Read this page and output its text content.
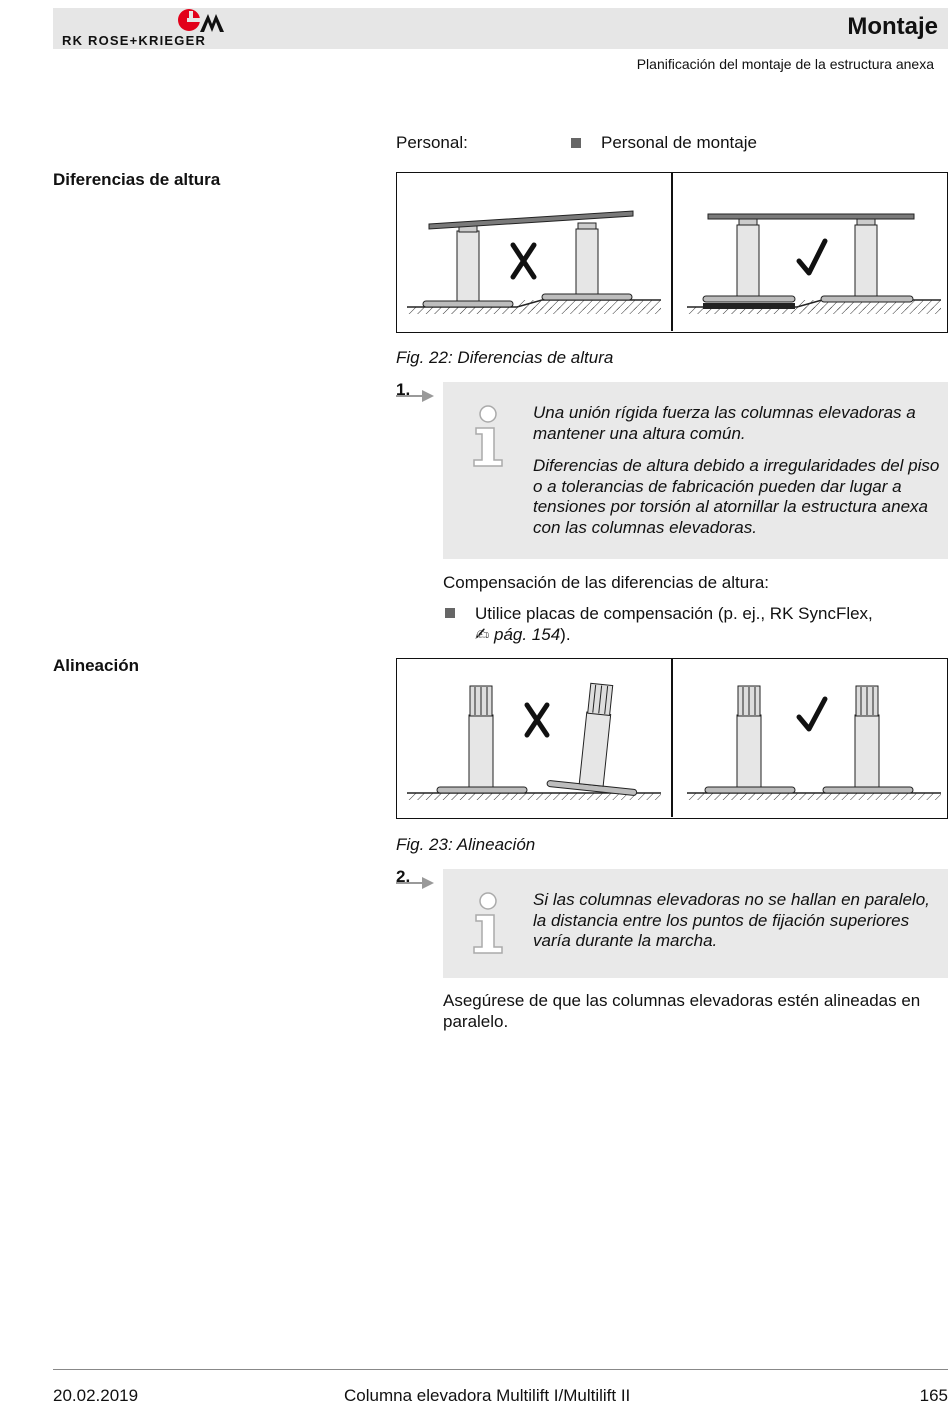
RK ROSE+KRIEGER
Montaje
Planificación del montaje de la estructura anexa
Personal:	Personal de montaje
Diferencias de altura
Fig. 22: Diferencias de altura
1.
Una unión rígida fuerza las columnas elevadoras a mantener una altura común.
Diferencias de altura debido a irregularidades del piso o a tolerancias de fabricación pueden dar lugar a tensiones por torsión al atornillar la estructura anexa con las columnas elevadoras.
Compensación de las diferencias de altura:
Utilice placas de compensación (p. ej., RK SyncFlex,
✍ pág. 154).
Alineación
Fig. 23: Alineación
2.
Si las columnas elevadoras no se hallan en paralelo, la distancia entre los puntos de fijación superiores varía durante la marcha.
Asegúrese de que las columnas elevadoras estén alineadas en paralelo.
20.02.2019	Columna elevadora Multilift I/Multilift II	165
